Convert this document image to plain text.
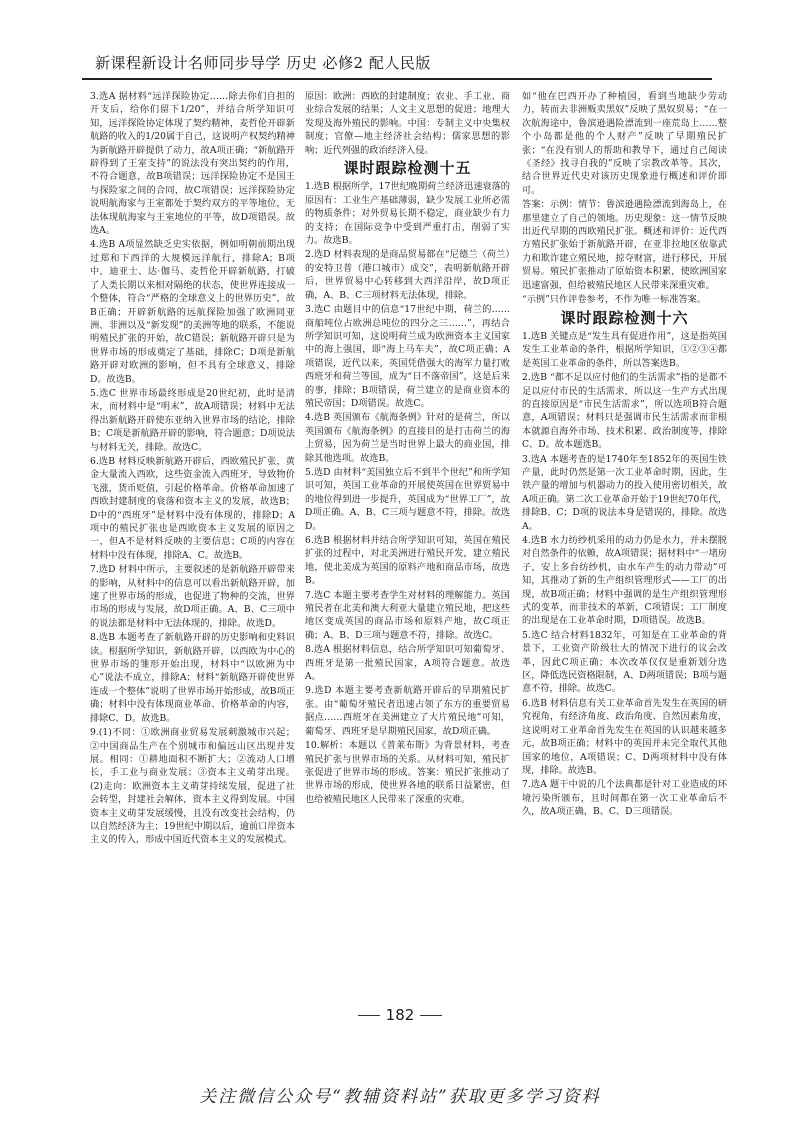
新课程新设计名师同步导学 历史 必修2 配人民版
3.选A 据材料“远洋探险协定……除去你们自担的开支后，给你们留下1/20”，并结合所学知识可知，远洋探险协定体现了契约精神，麦哲伦开辟新航路的收入的1/20属于自己，这说明产权契约精神为新航路开辟提供了动力，故A项正确；“新航路开辟得到了王室支持”的说法没有突出契约的作用，不符合题意，故B项错误；远洋探险协定不是国王与探险家之间的合同，故C项错误；远洋探险协定说明航海家与王室都处于契约双方的平等地位，无法体现航海家与王室地位的平等，故D项错误。故选A。
4.选B A项显然缺乏史实依据，例如明朝前期出现过郑和下西洋的大规模远洋航行，排除A；B项中，迪亚士、达·伽马、麦哲伦开辟新航路，打破了人类长期以来相对隔绝的状态，使世界连接成一个整体，符合“严格的全球意义上的世界历史”，故B正确；开辟新航路的远航探险加强了欧洲同亚洲、非洲以及“新发现”的美洲等地的联系，不能说明殖民扩张的开始，故C错误；新航路开辟只是为世界市场的形成奠定了基础，排除C；D项是新航路开辟对欧洲的影响，但不具有全球意义，排除D。故选B。
5.选C 世界市场最终形成是20世纪初，此时是清末，而材料中是“明末”，故A项错误；材料中无法得出新航路开辟使东亚纳入世界市场的结论，排除B；C项是新航路开辟的影响，符合题意；D项说法与材料无关，排除。故选C。
6.选B 材料反映新航路开辟后，西欧殖民扩张，黄金大量流入西欧，这些资金流入西班牙，导致物价飞涨，货币贬值，引起价格革命。价格革命加速了西欧封建制度的衰落和资本主义的发展，故选B；D中的“西班牙”是材料中没有体现的，排除D；A项中的殖民扩张也是西欧资本主义发展的原因之一，但A不是材料反映的主要信息；C项的内容在材料中没有体现，排除A、C。故选B。
7.选D 材料中所示，主要叙述的是新航路开辟带来的影响，从材料中的信息可以看出新航路开辟，加速了世界市场的形成，也促进了物种的交流，世界市场的形成与发展，故D项正确。A、B、C三项中的说法都是材料中无法体现的，排除。故选D。
8.选B 本题考查了新航路开辟的历史影响和史料识读。根据所学知识，新航路开辟，以西欧为中心的世界市场的雏形开始出现，材料中“以欧洲为中心”说法不成立，排除A；材料“新航路开辟使世界连成一个整体”说明了世界市场开始形成，故B项正确；材料中没有体现商业革命、价格革命的内容，排除C、D。故选B。
9.(1)不同：①欧洲商业贸易发展刺激城市兴起；②中国商品生产在个别城市和偏远山区出现并发展。相同：①耕地面积不断扩大；②流动人口增长，手工业与商业发展；③资本主义萌芽出现。(2)走向：欧洲资本主义萌芽持续发展，促进了社会转型，封建社会解体，资本主义得到发展。中国资本主义萌芽发展缓慢，且没有改变社会结构，仍以自然经济为主；19世纪中期以后，逾前口岸资本主义的传入，形成中国近代资本主义的发展模式。
原因：欧洲：西欧的封建制度；农业、手工业、商业综合发展的结果；人文主义思想的促进；地理大发现及海外殖民的影响。中国：专制主义中央集权制度；官僚—地主经济社会结构；儒家思想的影响；近代列强的政治经济入侵。
课时跟踪检测十五
1.选B 根据所学，17世纪晚期荷兰经济迅速衰落的原因有：工业生产基础薄弱，缺少发展工业所必需的物质条件；对外贸易长期不稳定，商业缺少有力的支持；在国际竞争中受到严重打击，削弱了实力。故选B。
2.选D 材料表现的是商品贸易都在“尼德兰（荷兰）的安特卫普（港口城市）成交”，表明新航路开辟后，世界贸易中心转移到大西洋沿岸，故D项正确，A、B、C三项材料无法体现，排除。
3.选C 由题目中的信息“17世纪中期，荷兰的……商船吨位占欧洲总吨位的四分之三……”，再结合所学知识可知，这说明荷兰成为欧洲资本主义国家中的海上强国，即“海上马车夫”，故C项正确；A项错误，近代以来，英国凭借强大的海军力量打败西班牙和荷兰等国，成为“日不落帝国”，这是后来的事，排除；B项错误，荷兰建立的是商业资本的殖民帝国；D项错误。故选C。
4.选B 英国颁布《航海条例》针对的是荷兰，所以英国颁布《航海条例》的直接目的是打击荷兰的海上贸易，因为荷兰是当时世界上最大的商业国，排除其他选项。故选B。
5.选D 由材料“美国独立后不到半个世纪”和所学知识可知，英国工业革命的开展使英国在世界贸易中的地位得到进一步提升，英国成为“世界工厂”，故D项正确。A、B、C三项与题意不符，排除。故选D。
6.选B 根据材料并结合所学知识可知，英国在殖民扩张的过程中，对北美洲进行殖民开发，建立殖民地，使北美成为英国的原料产地和商品市场，故选B。
7.选C 本题主要考查学生对材料的理解能力。英国殖民者在北美和澳大利亚大量建立殖民地，把这些地区变成英国的商品市场和原料产地，故C项正确；A、B、D三项与题意不符，排除。故选C。
8.选A 根据材料信息，结合所学知识可知葡萄牙、西班牙是第一批殖民国家，A项符合题意。故选A。
9.选D 本题主要考查新航路开辟后的早期殖民扩张。由“葡萄牙殖民者迅速占领了东方的重要贸易据点……西班牙在美洲建立了大片殖民地”可知，葡萄牙、西班牙是早期殖民国家，故D项正确。
10.解析：本题以《普莱布斯》为背景材料，考查殖民扩张与世界市场的关系。从材料可知，殖民扩张促进了世界市场的形成。答案：殖民扩张推动了世界市场的形成，使世界各地的联系日益紧密，但也给被殖民地区人民带来了深重的灾难。
如“他在巴西开办了种植园，看到当地缺少劳动力，转而去非洲贩卖黑奴”反映了黑奴贸易；“在一次航海途中，鲁滨逊遇险漂流到一座荒岛上……整个小岛都是他的个人财产”反映了早期殖民扩张；“在没有别人的帮助和教导下，通过自己阅读《圣经》找寻自我的”反映了宗教改革等。其次，结合世界近代史对该历史现象进行概述和评价即可。
答案：示例：情节：鲁滨逊遇险漂流到海岛上，在那里建立了自己的领地。历史现象：这一情节反映出近代早期的西欧殖民扩张。概述和评价：近代西方殖民扩张始于新航路开辟，在亚非拉地区依靠武力和欺诈建立殖民地，掠夺财富，进行移民，开展贸易。殖民扩张推动了原始资本积累，使欧洲国家迅速富强，但给被殖民地区人民带来深重灾难。
“示例”只作评卷参考，不作为唯一标准答案。
课时跟踪检测十六
1.选B 关键点是“发生具有促进作用”，这是指英国发生工业革命的条件，根据所学知识，①②③④都是英国工业革命的条件，所以答案选B。
2.选B “都不足以应付他们的生活需求”指的是都不足以应付市民的生活需求，所以这一生产方式出现的直接原因是“市民生活需求”，所以选项B符合题意，A项错误；材料只是强调市民生活需求而非根本就源自海外市场、技术积累、政治制度等，排除C、D。故本题选B。
3.选A 本题考查的是1740年至1852年的英国生铁产量，此时仍然是第一次工业革命时期，因此，生铁产量的增加与机器动力的投入使用密切相关，故A项正确。第二次工业革命开始于19世纪70年代，排除B、C；D项的说法本身是错误的，排除。故选A。
4.选B 水力纺纱机采用的动力仍是水力，并未摆脱对自然条件的依赖，故A项错误；据材料中“一堵房子，安上多台纺纱机，由水车产生的动力带动”可知，其推动了新的生产组织管理形式——工厂的出现，故B项正确；材料中强调的是生产组织管理形式的变革，而非技术的革新，C项错误；工厂制度的出现是在工业革命时期，D项错误。故选B。
5.选C 结合材料1832年，可知是在工业革命的背景下，工业资产阶级壮大的情况下进行的议会改革，因此C项正确；本次改革仅仅是重新划分选区，降低选民资格限制，A、D两项错误；B项与题意不符，排除。故选C。
6.选B 材料信息有关工业革命首先发生在英国的研究视角，有经济角度、政治角度、自然因素角度，这说明对工业革命首先发生在英国的认识越来越多元，故B项正确；材料中的英国并未完全取代其他国家的地位，A项错误；C、D两项材料中没有体现，排除。故选B。
7.选A 题干中说的几个法典都是针对工业造成的环境污染所颁布，且时间都在第一次工业革命后不久，故A项正确，B、C、D三项错误。
182
关注微信公众号“教辅资料站”获取更多学习资料
